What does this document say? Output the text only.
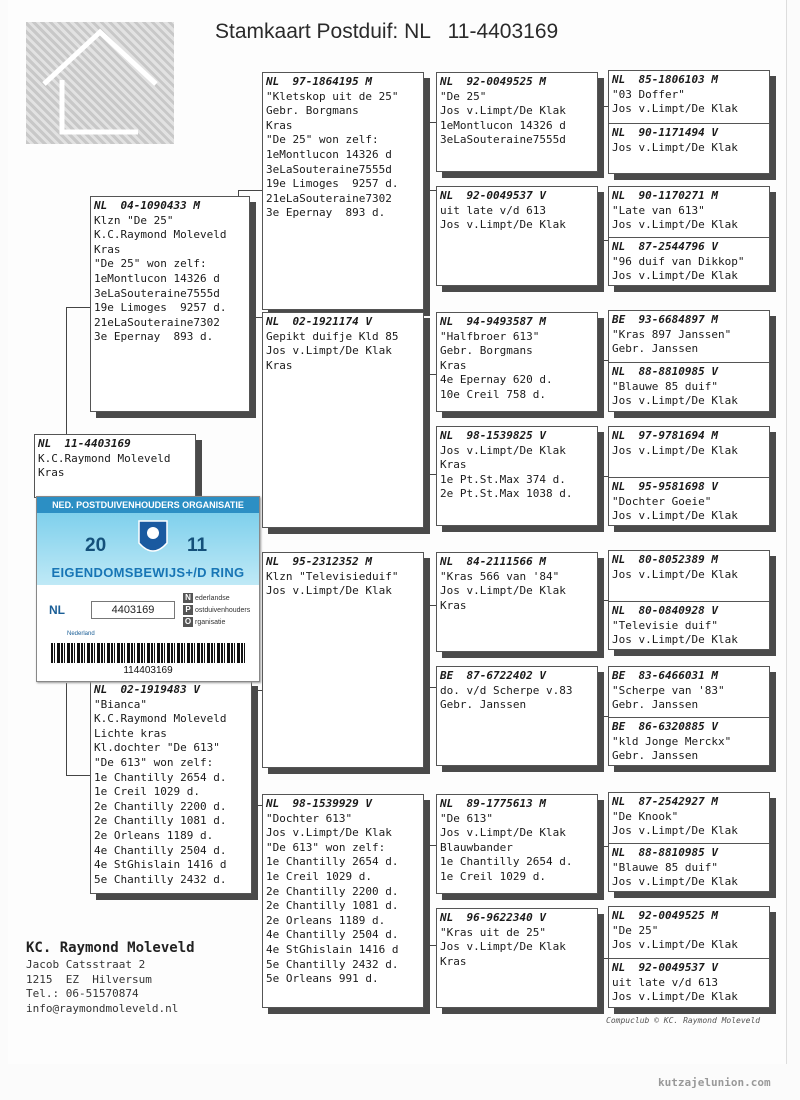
Stamkaart Postduif: NL   11-4403169
NL  11-4403169
K.C.Raymond Moleveld
Kras
NL  04-1090433 M
Klzn "De 25"
K.C.Raymond Moleveld
Kras
"De 25" won zelf:
1eMontlucon 14326 d
3eLaSouteraine7555d
19e Limoges  9257 d.
21eLaSouteraine7302
3e Epernay  893 d.
NL  02-1919483 V
"Bianca"
K.C.Raymond Moleveld
Lichte kras
Kl.dochter "De 613"
"De 613" won zelf:
1e Chantilly 2654 d.
1e Creil 1029 d.
2e Chantilly 2200 d.
2e Chantilly 1081 d.
2e Orleans 1189 d.
4e Chantilly 2504 d.
4e StGhislain 1416 d
5e Chantilly 2432 d.
NL  97-1864195 M
"Kletskop uit de 25"
Gebr. Borgmans
Kras
"De 25" won zelf:
1eMontlucon 14326 d
3eLaSouteraine7555d
19e Limoges  9257 d.
21eLaSouteraine7302
3e Epernay  893 d.
NL  02-1921174 V
Gepikt duifje Kld 85
Jos v.Limpt/De Klak
Kras
NL  95-2312352 M
Klzn "Televisieduif"
Jos v.Limpt/De Klak
NL  98-1539929 V
"Dochter 613"
Jos v.Limpt/De Klak
"De 613" won zelf:
1e Chantilly 2654 d.
1e Creil 1029 d.
2e Chantilly 2200 d.
2e Chantilly 1081 d.
2e Orleans 1189 d.
4e Chantilly 2504 d.
4e StGhislain 1416 d
5e Chantilly 2432 d.
5e Orleans 991 d.
NL  92-0049525 M
"De 25"
Jos v.Limpt/De Klak
1eMontlucon 14326 d
3eLaSouteraine7555d
NL  92-0049537 V
uit late v/d 613
Jos v.Limpt/De Klak
NL  94-9493587 M
"Halfbroer 613"
Gebr. Borgmans
Kras
4e Epernay 620 d.
10e Creil 758 d.
NL  98-1539825 V
Jos v.Limpt/De Klak
Kras
1e Pt.St.Max 374 d.
2e Pt.St.Max 1038 d.
NL  84-2111566 M
"Kras 566 van '84"
Jos v.Limpt/De Klak
Kras
BE  87-6722402 V
do. v/d Scherpe v.83
Gebr. Janssen
NL  89-1775613 M
"De 613"
Jos v.Limpt/De Klak
Blauwbander
1e Chantilly 2654 d.
1e Creil 1029 d.
NL  96-9622340 V
"Kras uit de 25"
Jos v.Limpt/De Klak
Kras
NL  85-1806103 M
"03 Doffer"
Jos v.Limpt/De Klak
NL  90-1171494 V
Jos v.Limpt/De Klak
NL  90-1170271 M
"Late van 613"
Jos v.Limpt/De Klak
NL  87-2544796 V
"96 duif van Dikkop"
Jos v.Limpt/De Klak
BE  93-6684897 M
"Kras 897 Janssen"
Gebr. Janssen
NL  88-8810985 V
"Blauwe 85 duif"
Jos v.Limpt/De Klak
NL  97-9781694 M
Jos v.Limpt/De Klak
NL  95-9581698 V
"Dochter Goeie"
Jos v.Limpt/De Klak
NL  80-8052389 M
Jos v.Limpt/De Klak
NL  80-0840928 V
"Televisie duif"
Jos v.Limpt/De Klak
BE  83-6466031 M
"Scherpe van '83"
Gebr. Janssen
BE  86-6320885 V
"kld Jonge Merckx"
Gebr. Janssen
NL  87-2542927 M
"De Knook"
Jos v.Limpt/De Klak
NL  88-8810985 V
"Blauwe 85 duif"
Jos v.Limpt/De Klak
NL  92-0049525 M
"De 25"
Jos v.Limpt/De Klak
NL  92-0049537 V
uit late v/d 613
Jos v.Limpt/De Klak
NED. POSTDUIVENHOUDERS ORGANISATIE
20	11
EIGENDOMSBEWIJS+/D RING
NL	4403169
N ederlandse
P ostduivenhouders
O rganisatie
Nederland
114403169
KC. Raymond Moleveld
Jacob Catsstraat 2
1215  EZ  Hilversum
Tel.: 06-51570874
info@raymondmoleveld.nl
Compuclub © KC. Raymond Moleveld
kutzajelunion.com
